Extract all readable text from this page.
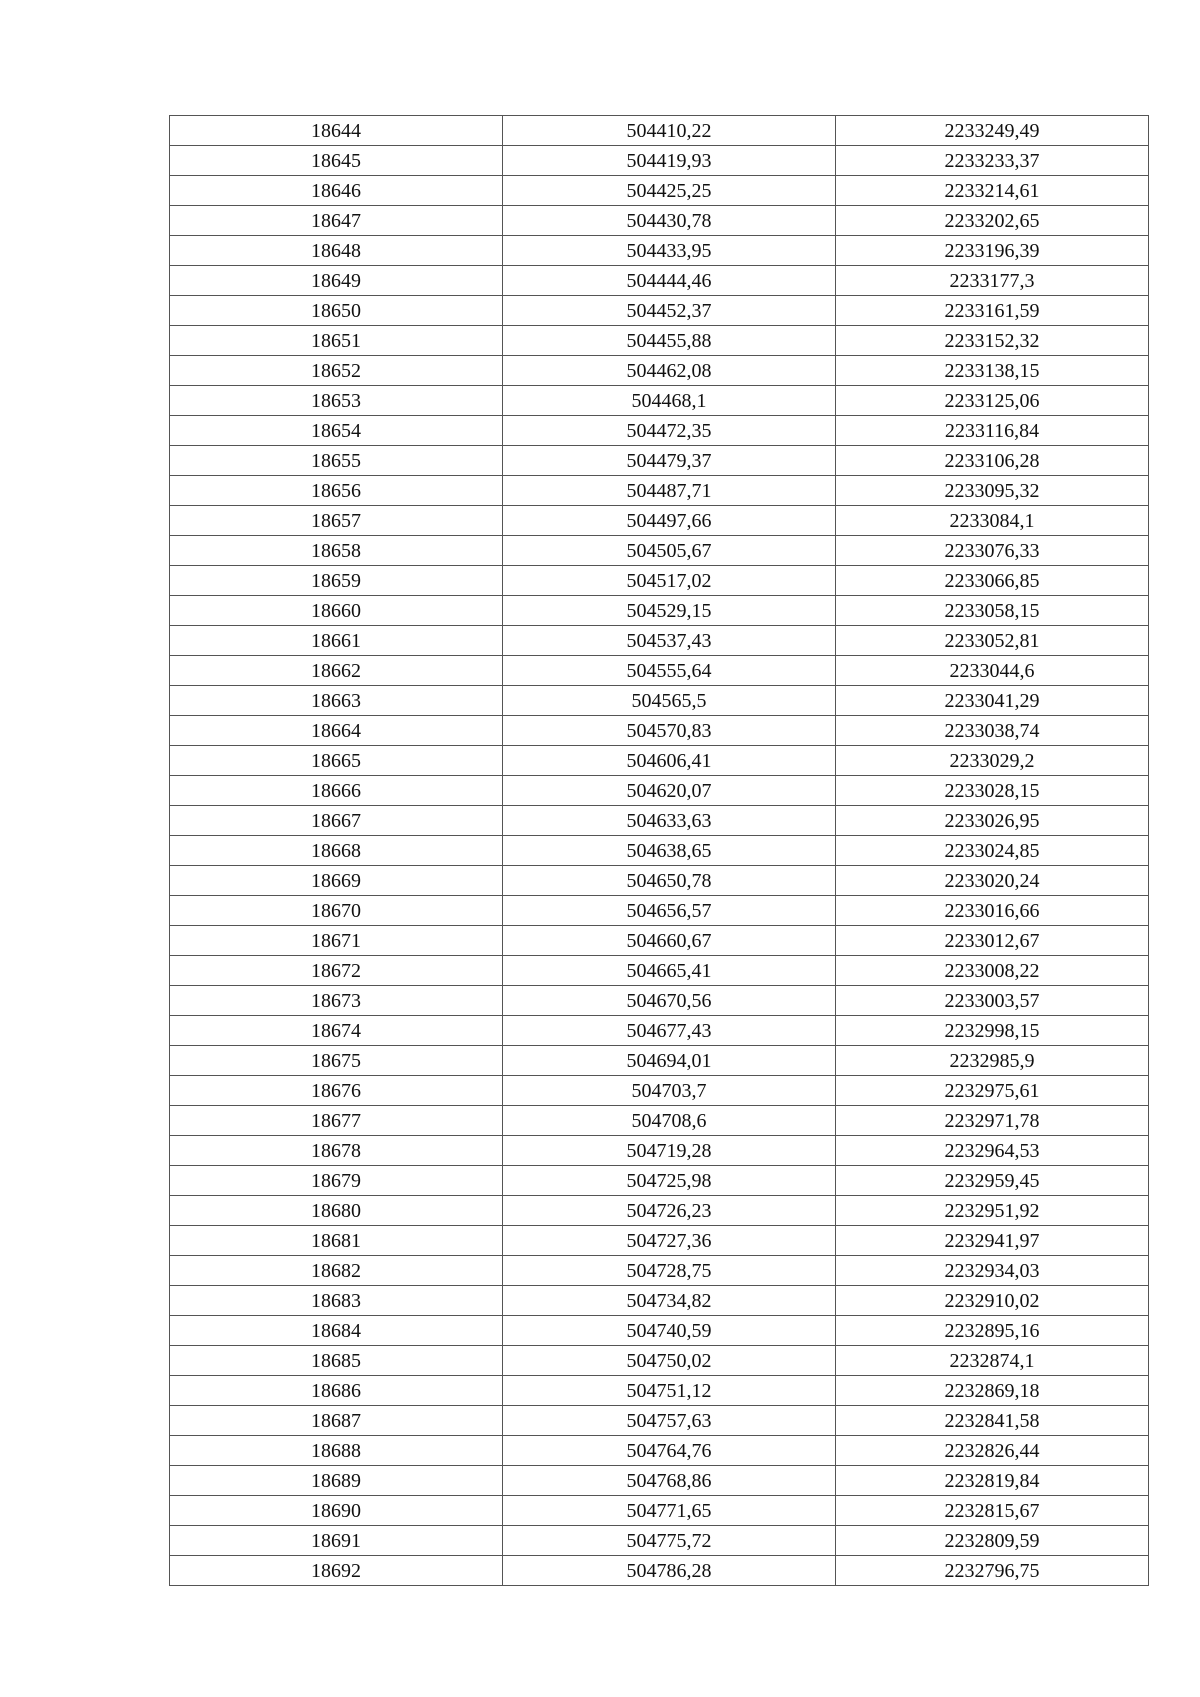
18644	504410,22	2233249,49
18645	504419,93	2233233,37
18646	504425,25	2233214,61
18647	504430,78	2233202,65
18648	504433,95	2233196,39
18649	504444,46	2233177,3
18650	504452,37	2233161,59
18651	504455,88	2233152,32
18652	504462,08	2233138,15
18653	504468,1	2233125,06
18654	504472,35	2233116,84
18655	504479,37	2233106,28
18656	504487,71	2233095,32
18657	504497,66	2233084,1
18658	504505,67	2233076,33
18659	504517,02	2233066,85
18660	504529,15	2233058,15
18661	504537,43	2233052,81
18662	504555,64	2233044,6
18663	504565,5	2233041,29
18664	504570,83	2233038,74
18665	504606,41	2233029,2
18666	504620,07	2233028,15
18667	504633,63	2233026,95
18668	504638,65	2233024,85
18669	504650,78	2233020,24
18670	504656,57	2233016,66
18671	504660,67	2233012,67
18672	504665,41	2233008,22
18673	504670,56	2233003,57
18674	504677,43	2232998,15
18675	504694,01	2232985,9
18676	504703,7	2232975,61
18677	504708,6	2232971,78
18678	504719,28	2232964,53
18679	504725,98	2232959,45
18680	504726,23	2232951,92
18681	504727,36	2232941,97
18682	504728,75	2232934,03
18683	504734,82	2232910,02
18684	504740,59	2232895,16
18685	504750,02	2232874,1
18686	504751,12	2232869,18
18687	504757,63	2232841,58
18688	504764,76	2232826,44
18689	504768,86	2232819,84
18690	504771,65	2232815,67
18691	504775,72	2232809,59
18692	504786,28	2232796,75
